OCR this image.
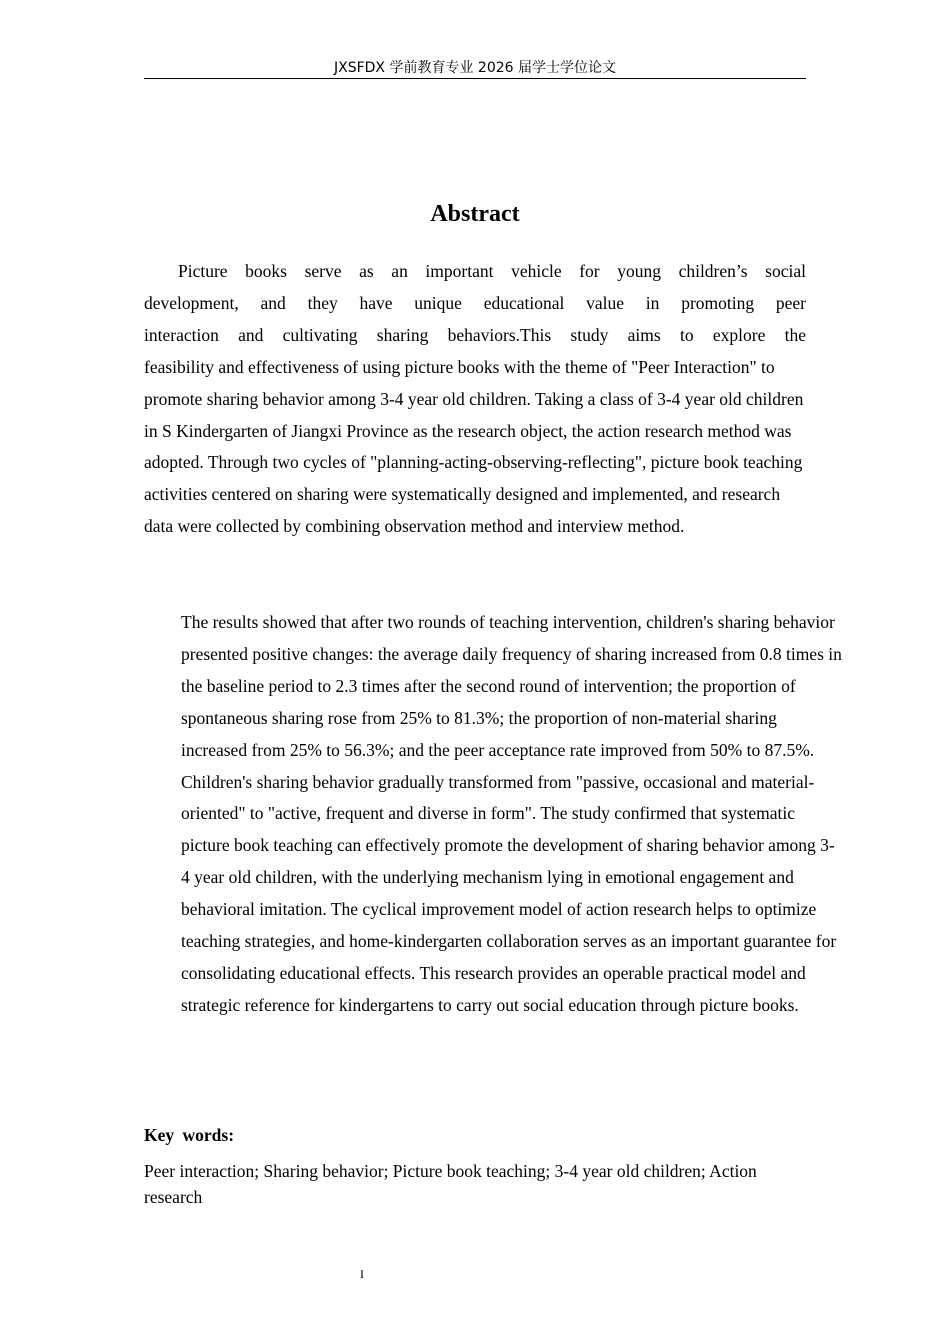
JXSFDX 学前教育专业 2026 届学士学位论文
Abstract
Picture books serve as an important vehicle for young children’s social
development, and they have unique educational value in promoting peer
interaction and cultivating sharing behaviors.This study aims to explore the
feasibility and effectiveness of using picture books with the theme of "Peer Interaction" to promote sharing behavior among 3-4 year old children. Taking a class of 3-4 year old children in S Kindergarten of Jiangxi Province as the research object, the action research method was adopted. Through two cycles of "planning-acting-observing-reflecting", picture book teaching activities centered on sharing were systematically designed and implemented, and research data were collected by combining observation method and interview method.

The results showed that after two rounds of teaching intervention, children's sharing behavior presented positive changes: the average daily frequency of sharing increased from 0.8 times in the baseline period to 2.3 times after the second round of intervention; the proportion of spontaneous sharing rose from 25% to 81.3%; the proportion of non-material sharing increased from 25% to 56.3%; and the peer acceptance rate improved from 50% to 87.5%. Children's sharing behavior gradually transformed from "passive, occasional and material-oriented" to "active, frequent and diverse in form". The study confirmed that systematic picture book teaching can effectively promote the development of sharing behavior among 3-4 year old children, with the underlying mechanism lying in emotional engagement and behavioral imitation. The cyclical improvement model of action research helps to optimize teaching strategies, and home-kindergarten collaboration serves as an important guarantee for consolidating educational effects. This research provides an operable practical model and strategic reference for kindergartens to carry out social education through picture books.

Key words:

Peer interaction; Sharing behavior; Picture book teaching; 3-4 year old children; Action research

I
